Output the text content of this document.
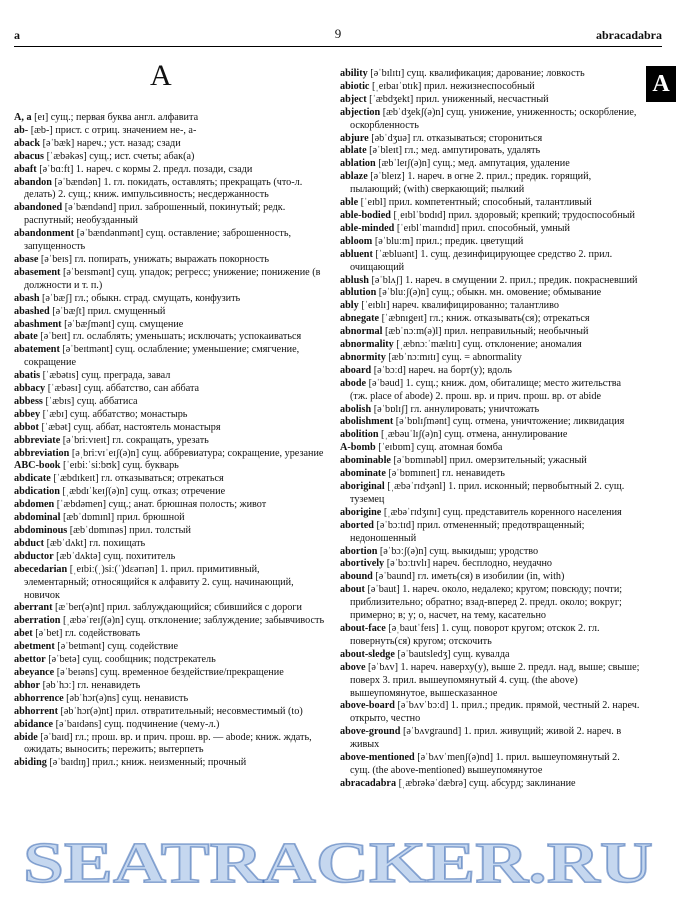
a	9	abracadabra
A	A

A, a [eɪ] сущ.; первая буква англ. алфавита

ab- [æb-] прист. с отриц. значением не-, а-

aback [əˈbæk] нареч.; уст. назад; сзади

abacus [ˈæbəkəs] сущ.; ист. счеты; абак(а)

abaft [əˈbɑːft] 1. нареч. с кормы 2. предл. позади, сзади

abandon [əˈbændən] 1. гл. покидать, оставлять; прекращать (что-л. делать) 2. сущ.; книж. импульсивность; несдержанность

abandoned [əˈbændənd] прил. заброшенный, покинутый; редк. распутный; необузданный

abandonment [əˈbændənmənt] сущ. оставление; заброшенность, запущенность

abase [əˈbeɪs] гл. попирать, унижать; выражать покорность

abasement [əˈbeɪsmənt] сущ. упадок; регресс; унижение; понижение (в должности и т. п.)

abash [əˈbæʃ] гл.; обыкн. страд. смущать, конфузить

abashed [əˈbæʃt] прил. смущенный

abashment [əˈbæʃmənt] сущ. смущение

abate [əˈbeɪt] гл. ослаблять; уменьшать; исключать; успокаиваться

abatement [əˈbeɪtmənt] сущ. ослабление; уменьшение; смягчение, сокращение

abatis [ˈæbətɪs] сущ. преграда, завал

abbacy [ˈæbəsɪ] сущ. аббатство, сан аббата

abbess [ˈæbɪs] сущ. аббатиса

abbey [ˈæbɪ] сущ. аббатство; монастырь

abbot [ˈæbət] сущ. аббат, настоятель монастыря

abbreviate [əˈbriːvɪeɪt] гл. сокращать, урезать

abbreviation [əˌbriːvɪˈeɪʃ(ə)n] сущ. аббревиатура; сокращение, урезание

ABC-book [ˈeɪbiːˈsiːbʊk] сущ. букварь

abdicate [ˈæbdɪkeɪt] гл. отказываться; отрекаться

abdication [ˌæbdɪˈkeɪʃ(ə)n] сущ. отказ; отречение

abdomen [ˈæbdəmen] сущ.; анат. брюшная полость; живот

abdominal [æbˈdɒmɪnl] прил. брюшной

abdominous [æbˈdɒmɪnəs] прил. толстый

abduct [æbˈdʌkt] гл. похищать

abductor [æbˈdʌktə] сущ. похититель

abecedarian [ˌeɪbiː(ˌ)siː(ˈ)dɛərɪən] 1. прил. примитивный, элементарный; относящийся к алфавиту 2. сущ. начинающий, новичок

aberrant [æˈber(ə)nt] прил. заблуждающийся; сбившийся с дороги

aberration [ˌæbəˈreɪʃ(ə)n] сущ. отклонение; заблуждение; забывчивость

abet [əˈbet] гл. содействовать

abetment [əˈbetmənt] сущ. содействие

abettor [əˈbetə] сущ. сообщник; подстрекатель

abeyance [əˈbeɪəns] сущ. временное бездействие/прекращение

abhor [əbˈhɔː] гл. ненавидеть

abhorrence [əbˈhɔr(ə)ns] сущ. ненависть

abhorrent [əbˈhɔr(ə)nt] прил. отвратительный; несовместимый (to)

abidance [əˈbaɪdəns] сущ. подчинение (чему-л.)

abide [əˈbaɪd] гл.; прош. вр. и прич. прош. вр. — abode; книж. ждать, ожидать; выносить; пережить; вытерпеть

abiding [əˈbaɪdɪŋ] прил.; книж. неизменный; прочный

ability [əˈbɪlɪtɪ] сущ. квалификация; дарование; ловкость

abiotic [ˌeɪbaɪˈɒtɪk] прил. нежизнеспособный

abject [ˈæbdʒekt] прил. униженный, несчастный

abjection [æbˈdʒekʃ(ə)n] сущ. унижение, униженность; оскорбление, оскорбленность

abjure [əbˈdʒuə] гл. отказываться; сторониться

ablate [əˈbleɪt] гл.; мед. ампутировать, удалять

ablation [æbˈleɪʃ(ə)n] сущ.; мед. ампутация, удаление

ablaze [əˈbleɪz] 1. нареч. в огне 2. прил.; предик. горящий, пылающий; (with) сверкающий; пылкий

able [ˈeɪbl] прил. компетентный; способный, талантливый

able-bodied [ˌeɪblˈbɒdɪd] прил. здоровый; крепкий; трудоспособный

able-minded [ˈeɪblˈmaɪndɪd] прил. способный, умный

abloom [əˈbluːm] прил.; предик. цветущий

abluent [ˈæbluənt] 1. сущ. дезинфицирующее средство 2. прил. очищающий

ablush [əˈblʌʃ] 1. нареч. в смущении 2. прил.; предик. покрасневший

ablution [əˈbluːʃ(ə)n] сущ.; обыкн. мн. омовение; обмывание

ably [ˈeɪblɪ] нареч. квалифицированно; талантливо

abnegate [ˈæbnɪgeɪt] гл.; книж. отказывать(ся); отрекаться

abnormal [æbˈnɔːm(ə)l] прил. неправильный; необычный

abnormality [ˌæbnɔːˈmælɪtɪ] сущ. отклонение; аномалия

abnormity [æbˈnɔːmɪtɪ] сущ. = abnormality

aboard [əˈbɔːd] нареч. на борт(у); вдоль

abode [əˈbəud] 1. сущ.; книж. дом, обиталище; место жительства (тж. place of abode) 2. прош. вр. и прич. прош. вр. от abide

abolish [əˈbɒlɪʃ] гл. аннулировать; уничтожать

abolishment [əˈbɒlɪʃmənt] сущ. отмена, уничтожение; ликвидация

abolition [ˌæbəuˈlɪʃ(ə)n] сущ. отмена, аннулирование

A-bomb [ˈeɪbɒm] сущ. атомная бомба

abominable [əˈbɒmɪnəbl] прил. омерзительный; ужасный

abominate [əˈbɒmɪneɪt] гл. ненавидеть

aboriginal [ˌæbəˈrɪdʒənl] 1. прил. исконный; первобытный 2. сущ. туземец

aborigine [ˌæbəˈrɪdʒɪnɪ] сущ. представитель коренного населения

aborted [əˈbɔːtɪd] прил. отмененный; предотвращенный; недоношенный

abortion [əˈbɔːʃ(ə)n] сущ. выкидыш; уродство

abortively [əˈbɔːtɪvlɪ] нареч. бесплодно, неудачно

abound [əˈbaund] гл. иметь(ся) в изобилии (in, with)

about [əˈbaut] 1. нареч. около, недалеко; кругом; повсюду; почти; приблизительно; обратно; взад-вперед 2. предл. около; вокруг; примерно; в; у; о, насчет, на тему, касательно

about-face [əˌbautˈfeɪs] 1. сущ. поворот кругом; отскок 2. гл. повернуть(ся) кругом; отскочить

about-sledge [əˈbautsledʒ] сущ. кувалда

above [əˈbʌv] 1. нареч. наверху(у), выше 2. предл. над, выше; свыше; поверх 3. прил. вышеупомянутый 4. сущ. (the above) вышеупомянутое, вышесказанное

above-board [əˈbʌvˈbɔːd] 1. прил.; предик. прямой, честный 2. нареч. открыто, честно

above-ground [əˈbʌvgraund] 1. прил. живущий; живой 2. нареч. в живых

above-mentioned [əˈbʌvˈmenʃ(ə)nd] 1. прил. вышеупомянутый 2. сущ. (the above-mentioned) вышеупомянутое

abracadabra [ˌæbrəkəˈdæbrə] сущ. абсурд; заклинание

SEATRACKER.RU
